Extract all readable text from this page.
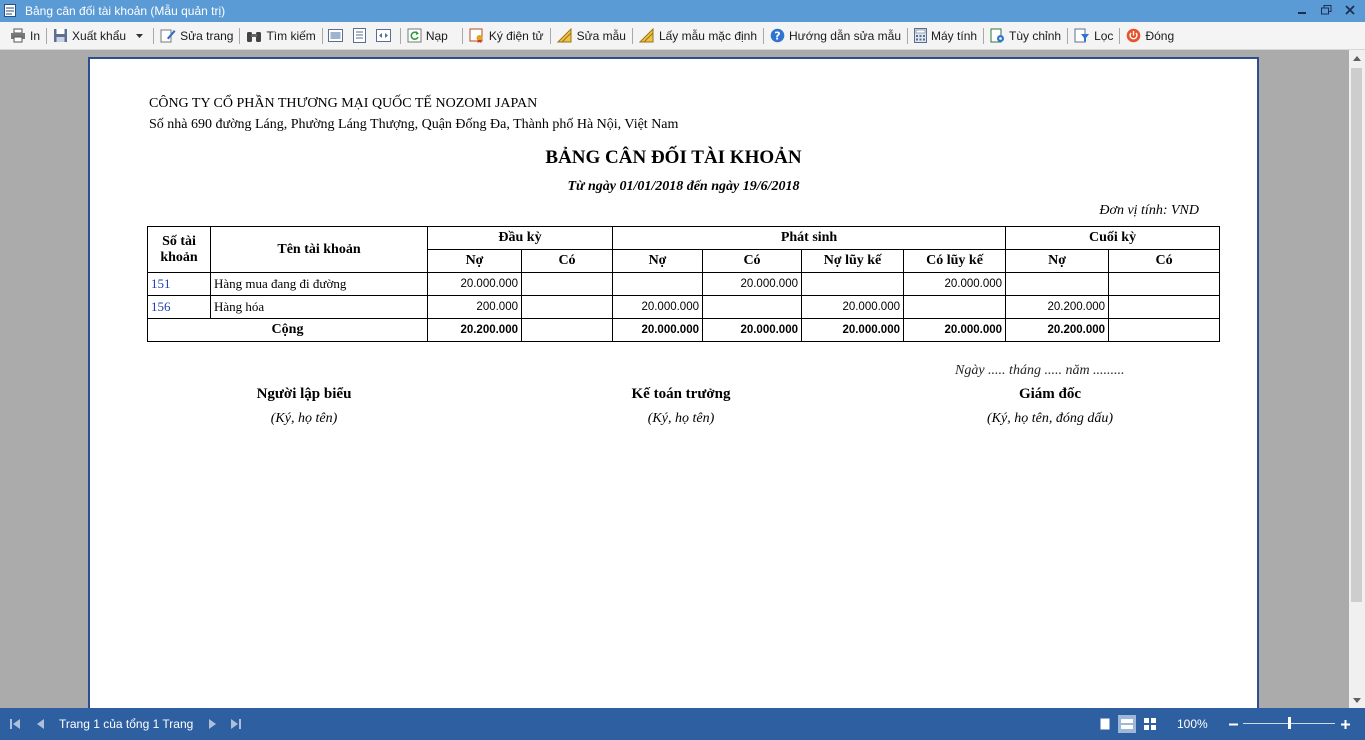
Bảng cân đối tài khoản (Mẫu quản trị)
In	Xuất khẩu	Sửa trang	Tìm kiếm	Nạp	Ký điện tử	Sửa mẫu	Lấy mẫu mặc định ? Hướng dẫn sửa mẫu	Máy tính	Tùy chỉnh	Lọc	Đóng
CÔNG TY CỔ PHẦN THƯƠNG MẠI QUỐC TẾ NOZOMI JAPAN
Số nhà 690 đường Láng, Phường Láng Thượng, Quận Đống Đa, Thành phố Hà Nội, Việt Nam
BẢNG CÂN ĐỐI TÀI KHOẢN
Từ ngày 01/01/2018 đến ngày 19/6/2018
Đơn vị tính: VND
Số tài khoản	Tên tài khoản	Đầu kỳ		Phát sinh				Cuối kỳ	
		Nợ	Có	Nợ	Có	Nợ lũy kế	Có lũy kế	Nợ	Có
151	Hàng mua đang đi đường	20.000.000			20.000.000		20.000.000		
156	Hàng hóa	200.000		20.000.000		20.000.000		20.200.000	
Cộng		20.200.000		20.000.000	20.000.000	20.000.000	20.000.000	20.200.000	
Ngày ..... tháng ..... năm .........
Người lập biểu
(Ký, họ tên)
Kế toán trưởng
(Ký, họ tên)
Giám đốc
(Ký, họ tên, đóng dấu)
Trang 1 của tổng 1 Trang	100%
